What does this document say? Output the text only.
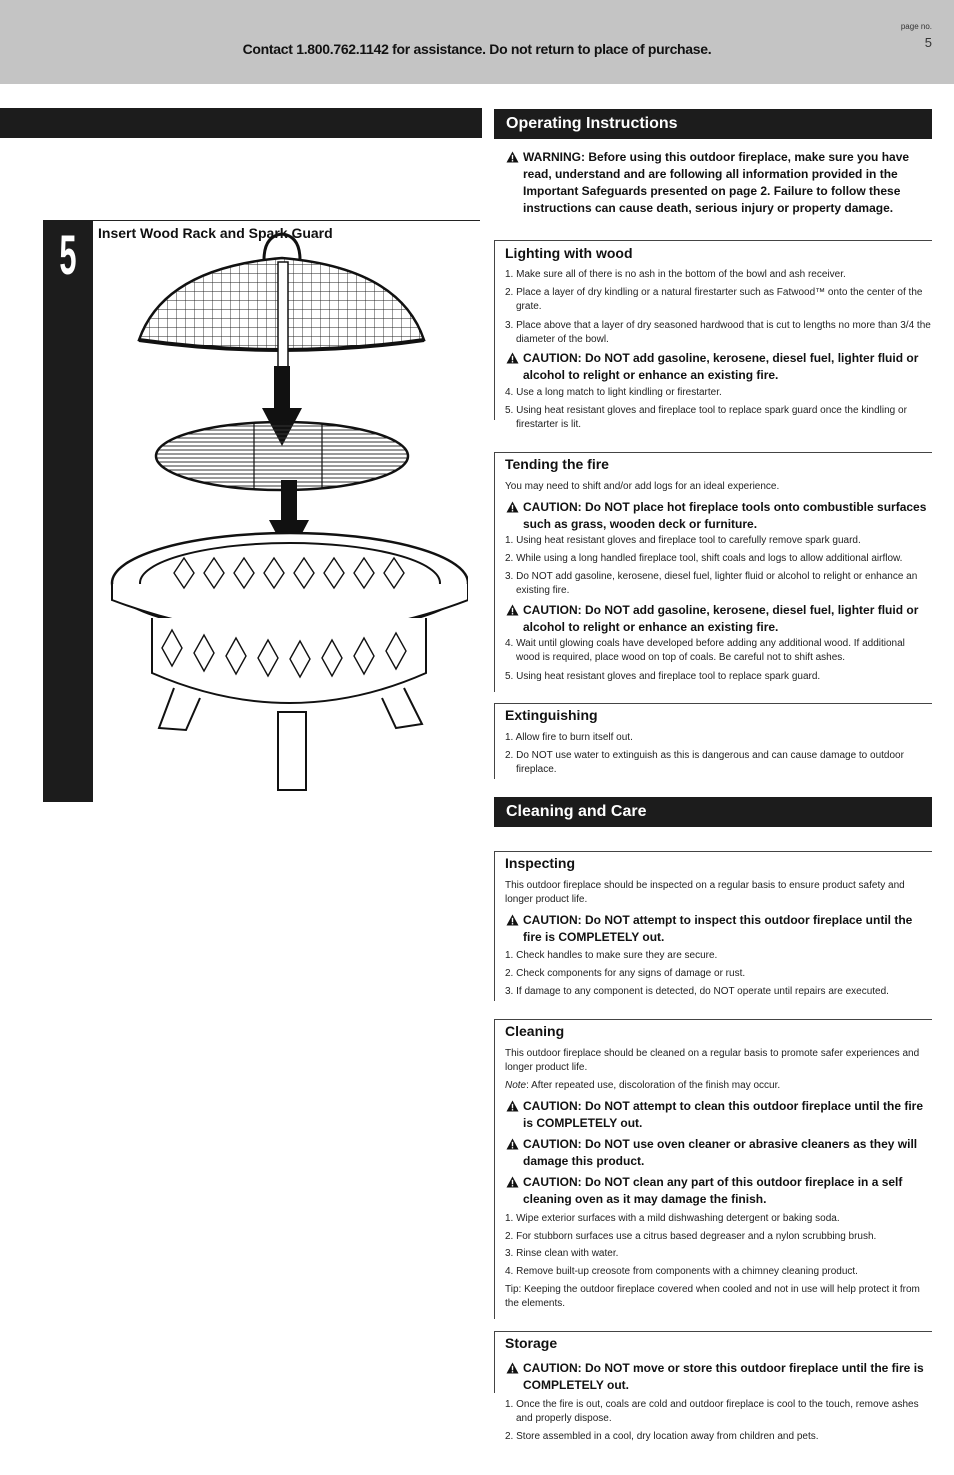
Contact 1.800.762.1142 for assistance. Do not return to place of purchase.
page no.
5
5	Insert Wood Rack and Spark Guard
Operating Instructions
WARNING: Before using this outdoor fireplace, make sure you have read, understand and are following all information provided in the Important Safeguards presented on page 2. Failure to follow these instructions can cause death, serious injury or property damage.
Lighting with wood
1. Make sure all of there is no ash in the bottom of the bowl and ash receiver.
2. Place a layer of dry kindling or a natural firestarter such as Fatwood™ onto the center of the grate.
3. Place above that a layer of dry seasoned hardwood that is cut to lengths no more than 3/4 the diameter of the bowl.
CAUTION: Do NOT add gasoline, kerosene, diesel fuel, lighter fluid or alcohol to relight or enhance an existing fire.
4. Use a long match to light kindling or firestarter.
5. Using heat resistant gloves and fireplace tool to replace spark guard once the kindling or firestarter is lit.
Tending the fire
You may need to shift and/or add logs for an ideal experience.
CAUTION: Do NOT place hot fireplace tools onto combustible surfaces such as grass, wooden deck or furniture.
1. Using heat resistant gloves and fireplace tool to carefully remove spark guard.
2. While using a long handled fireplace tool, shift coals and logs to allow additional airflow.
3. Do NOT add gasoline, kerosene, diesel fuel, lighter fluid or alcohol to relight or enhance an existing fire.
CAUTION: Do NOT add gasoline, kerosene, diesel fuel, lighter fluid or alcohol to relight or enhance an existing fire.
4. Wait until glowing coals have developed before adding any additional wood. If additional wood is required, place wood on top of coals. Be careful not to shift ashes.
5. Using heat resistant gloves and fireplace tool to replace spark guard.
Extinguishing
1. Allow fire to burn itself out.
2. Do NOT use water to extinguish as this is dangerous and can cause damage to outdoor fireplace.
Cleaning and Care
Inspecting
This outdoor fireplace should be inspected on a regular basis to ensure product safety and longer product life.
CAUTION: Do NOT attempt to inspect this outdoor fireplace until the fire is COMPLETELY out.
1. Check handles to make sure they are secure.
2. Check components for any signs of damage or rust.
3. If damage to any component is detected, do NOT operate until repairs are executed.
Cleaning
This outdoor fireplace should be cleaned on a regular basis to promote safer experiences and longer product life.
Note: After repeated use, discoloration of the finish may occur.
CAUTION: Do NOT attempt to clean this outdoor fireplace until the fire is COMPLETELY out.
CAUTION: Do NOT use oven cleaner or abrasive cleaners as they will damage this product.
CAUTION: Do NOT clean any part of this outdoor fireplace in a self cleaning oven as it may damage the finish.
1. Wipe exterior surfaces with a mild dishwashing detergent or baking soda.
2. For stubborn surfaces use a citrus based degreaser and a nylon scrubbing brush.
3. Rinse clean with water.
4. Remove built-up creosote from components with a chimney cleaning product.
Tip: Keeping the outdoor fireplace covered when cooled and not in use will help protect it from the elements.
Storage
CAUTION: Do NOT move or store this outdoor fireplace until the fire is COMPLETELY out.
1. Once the fire is out, coals are cold and outdoor fireplace is cool to the touch, remove ashes and properly dispose.
2. Store assembled in a cool, dry location away from children and pets.
